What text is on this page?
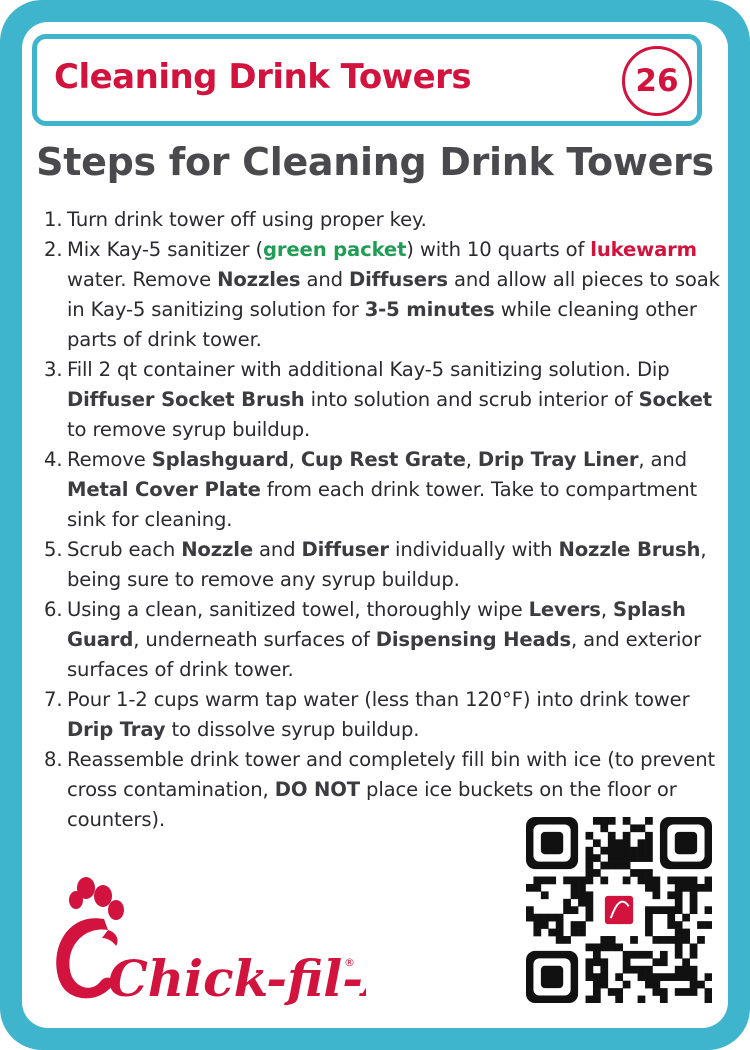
Cleaning Drink Towers	26
Steps for Cleaning Drink Towers
1. Turn drink tower off using proper key.
2. Mix Kay-5 sanitizer (green packet) with 10 quarts of lukewarm water. Remove Nozzles and Diffusers and allow all pieces to soak in Kay-5 sanitizing solution for 3-5 minutes while cleaning other parts of drink tower.
3. Fill 2 qt container with additional Kay-5 sanitizing solution. Dip Diffuser Socket Brush into solution and scrub interior of Socket to remove syrup buildup.
4. Remove Splashguard, Cup Rest Grate, Drip Tray Liner, and Metal Cover Plate from each drink tower. Take to compartment sink for cleaning.
5. Scrub each Nozzle and Diffuser individually with Nozzle Brush, being sure to remove any syrup buildup.
6. Using a clean, sanitized towel, thoroughly wipe Levers, Splash Guard, underneath surfaces of Dispensing Heads, and exterior surfaces of drink tower.
7. Pour 1-2 cups warm tap water (less than 120°F) into drink tower Drip Tray to dissolve syrup buildup.
8. Reassemble drink tower and completely fill bin with ice (to prevent cross contamination, DO NOT place ice buckets on the floor or counters).
Chick-fil-
®
